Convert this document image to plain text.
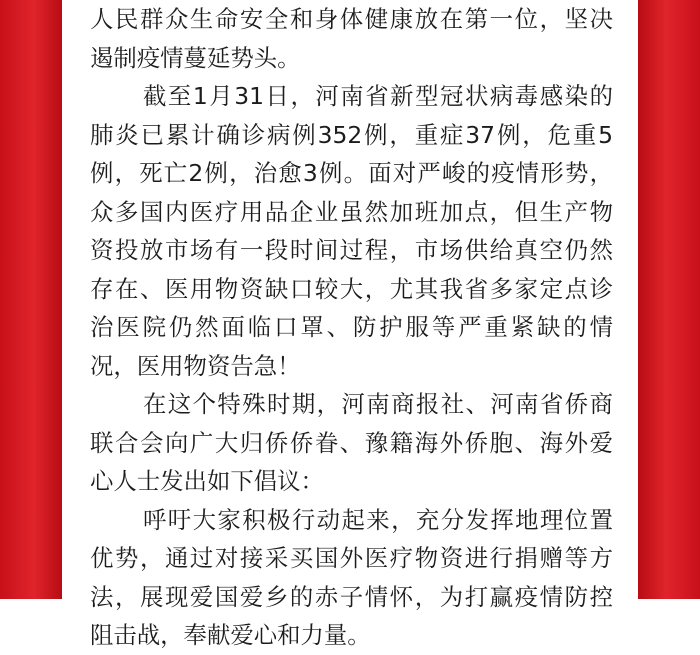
人民群众生命安全和身体健康放在第一位，坚决
遏制疫情蔓延势头。
截至1月31日，河南省新型冠状病毒感染的
肺炎已累计确诊病例352例，重症37例，危重5
例，死亡2例，治愈3例。面对严峻的疫情形势，
众多国内医疗用品企业虽然加班加点，但生产物
资投放市场有一段时间过程，市场供给真空仍然
存在、医用物资缺口较大，尤其我省多家定点诊
治医院仍然面临口罩、防护服等严重紧缺的情
况，医用物资告急！
在这个特殊时期，河南商报社、河南省侨商
联合会向广大归侨侨眷、豫籍海外侨胞、海外爱
心人士发出如下倡议：
呼吁大家积极行动起来，充分发挥地理位置
优势，通过对接采买国外医疗物资进行捐赠等方
法，展现爱国爱乡的赤子情怀，为打赢疫情防控
阻击战，奉献爱心和力量。
